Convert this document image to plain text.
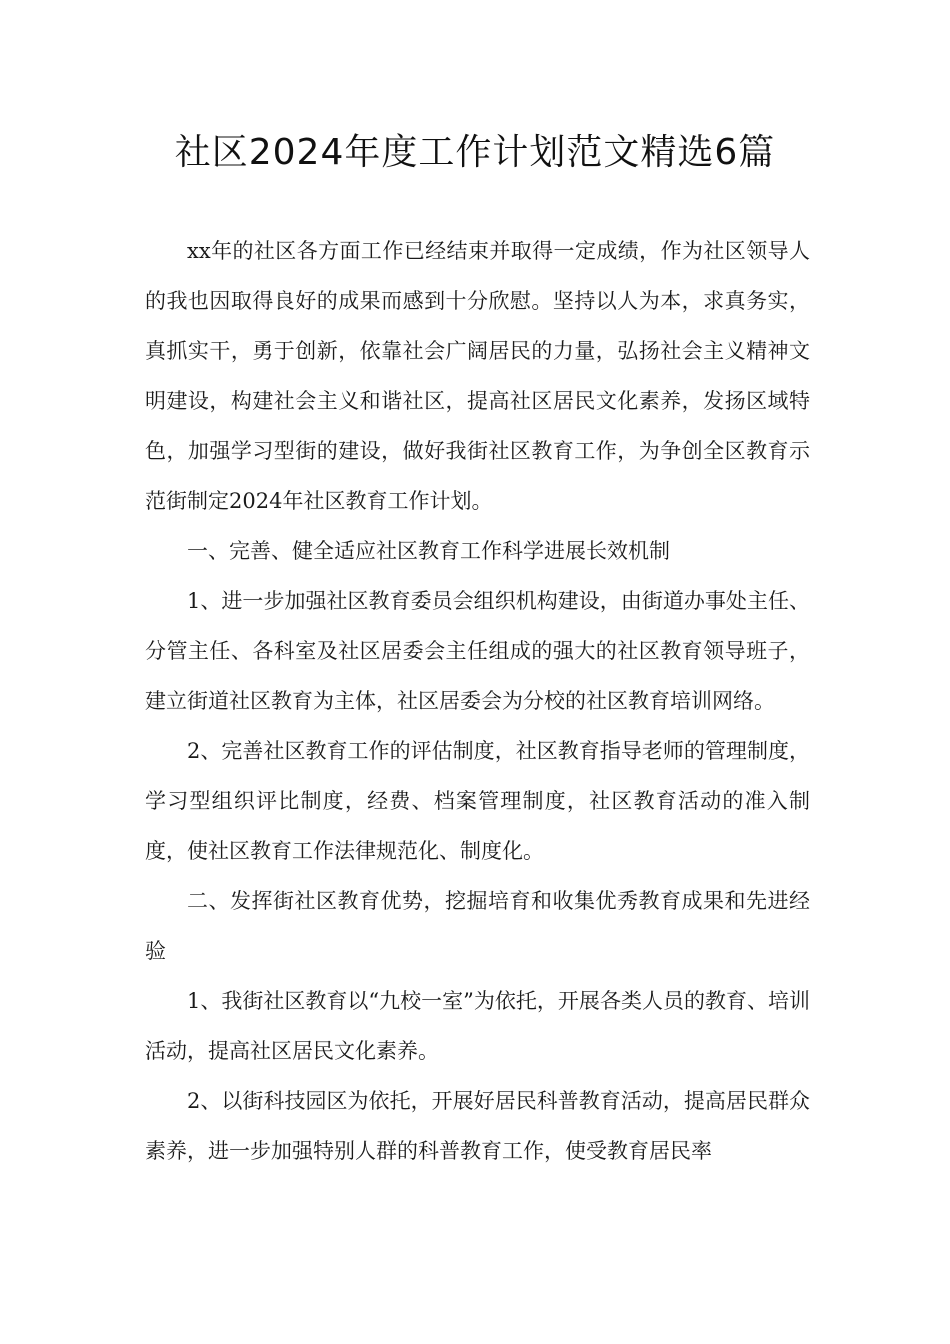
社区2024年度工作计划范文精选6篇

xx年的社区各方面工作已经结束并取得一定成绩，作为社区领导人的我也因取得良好的成果而感到十分欣慰。坚持以人为本，求真务实，真抓实干，勇于创新，依靠社会广阔居民的力量，弘扬社会主义精神文明建设，构建社会主义和谐社区，提高社区居民文化素养，发扬区域特色，加强学习型街的建设，做好我街社区教育工作，为争创全区教育示范街制定2024年社区教育工作计划。

一、完善、健全适应社区教育工作科学进展长效机制

1、进一步加强社区教育委员会组织机构建设，由街道办事处主任、分管主任、各科室及社区居委会主任组成的强大的社区教育领导班子，建立街道社区教育为主体，社区居委会为分校的社区教育培训网络。

2、完善社区教育工作的评估制度，社区教育指导老师的管理制度，学习型组织评比制度，经费、档案管理制度，社区教育活动的准入制度，使社区教育工作法律规范化、制度化。

二、发挥街社区教育优势，挖掘培育和收集优秀教育成果和先进经验

1、我街社区教育以“九校一室”为依托，开展各类人员的教育、培训活动，提高社区居民文化素养。

2、以街科技园区为依托，开展好居民科普教育活动，提高居民群众素养，进一步加强特别人群的科普教育工作，使受教育居民率
